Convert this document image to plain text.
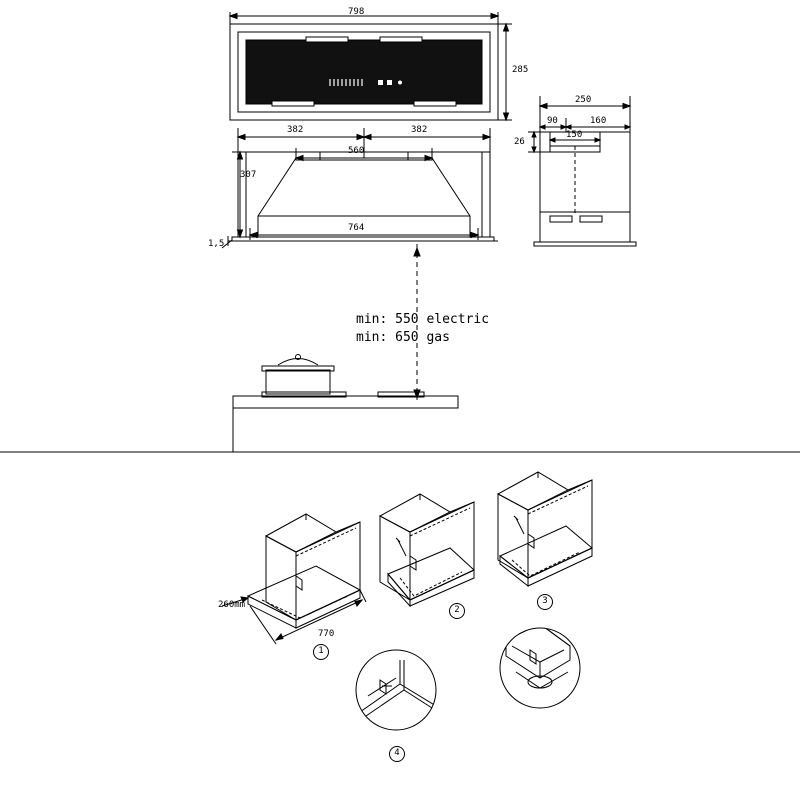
798
285
382	382
560
307
764
1,5
250
90	160
150
26
min: 550 electric
min: 650 gas
260mm
770
1
2
3
4
